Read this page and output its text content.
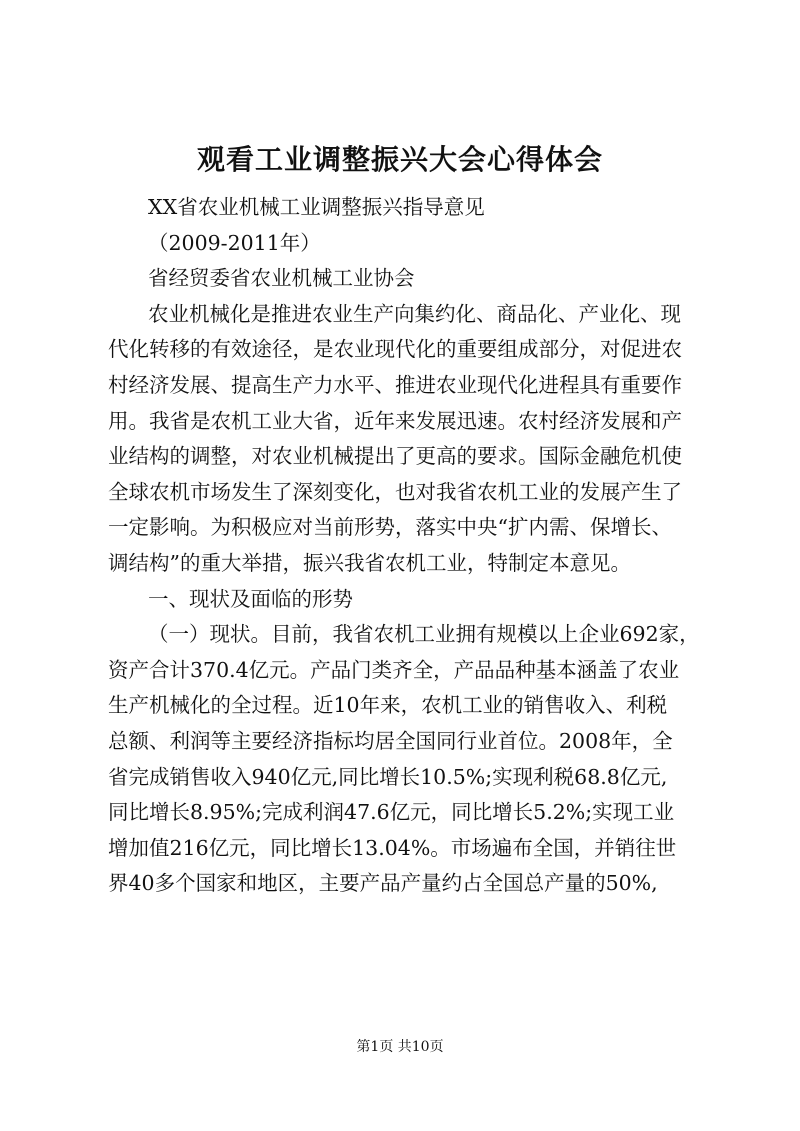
观看工业调整振兴大会心得体会

XX省农业机械工业调整振兴指导意见

（2009-2011年）

省经贸委省农业机械工业协会

农业机械化是推进农业生产向集约化、商品化、产业化、现

代化转移的有效途径，是农业现代化的重要组成部分，对促进农

村经济发展、提高生产力水平、推进农业现代化进程具有重要作

用。我省是农机工业大省，近年来发展迅速。农村经济发展和产

业结构的调整，对农业机械提出了更高的要求。国际金融危机使

全球农机市场发生了深刻变化，也对我省农机工业的发展产生了

一定影响。为积极应对当前形势，落实中央“扩内需、保增长、

调结构”的重大举措，振兴我省农机工业，特制定本意见。

一、现状及面临的形势

（一）现状。目前，我省农机工业拥有规模以上企业692家，

资产合计370.4亿元。产品门类齐全，产品品种基本涵盖了农业

生产机械化的全过程。近10年来，农机工业的销售收入、利税

总额、利润等主要经济指标均居全国同行业首位。2008年，全

省完成销售收入940亿元,同比增长10.5%;实现利税68.8亿元,

同比增长8.95%;完成利润47.6亿元，同比增长5.2%;实现工业

增加值216亿元，同比增长13.04%。市场遍布全国，并销往世

界40多个国家和地区，主要产品产量约占全国总产量的50%,

第1页 共10页
